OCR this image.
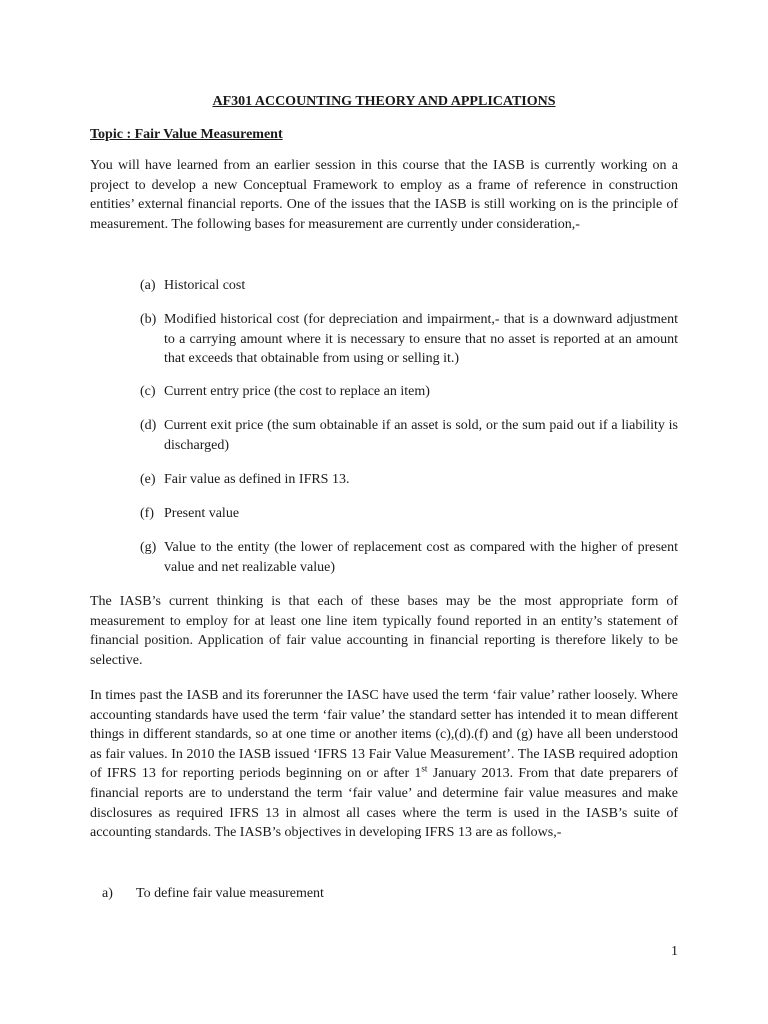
AF301 ACCOUNTING THEORY AND APPLICATIONS
Topic : Fair Value Measurement

You will have learned from an earlier session in this course that the IASB is currently working on a project to develop a new Conceptual Framework to employ as a frame of reference in construction entities’ external financial reports. One of the issues that the IASB is still working on is the principle of measurement. The following bases for measurement are currently under consideration,-

(a) Historical cost
(b) Modified historical cost (for depreciation and impairment,- that is a downward adjustment to a carrying amount where it is necessary to ensure that no asset is reported at an amount that exceeds that obtainable from using or selling it.)
(c) Current entry price (the cost to replace an item)
(d) Current exit price (the sum obtainable if an asset is sold, or the sum paid out if a liability is discharged)
(e) Fair value as defined in IFRS 13.
(f) Present value
(g) Value to the entity (the lower of replacement cost as compared with the higher of present value and net realizable value)

The IASB’s current thinking is that each of these bases may be the most appropriate form of measurement to employ for at least one line item typically found reported in an entity’s statement of financial position. Application of fair value accounting in financial reporting is therefore likely to be selective.

In times past the IASB and its forerunner the IASC have used the term ‘fair value’ rather loosely. Where accounting standards have used the term ‘fair value’ the standard setter has intended it to mean different things in different standards, so at one time or another items (c),(d).(f) and (g) have all been understood as fair values. In 2010 the IASB issued ‘IFRS 13 Fair Value Measurement’. The IASB required adoption of IFRS 13 for reporting periods beginning on or after 1st January 2013. From that date preparers of financial reports are to understand the term ‘fair value’ and determine fair value measures and make disclosures as required IFRS 13 in almost all cases where the term is used in the IASB’s suite of accounting standards. The IASB’s objectives in developing IFRS 13 are as follows,-

a) To define fair value measurement
1
